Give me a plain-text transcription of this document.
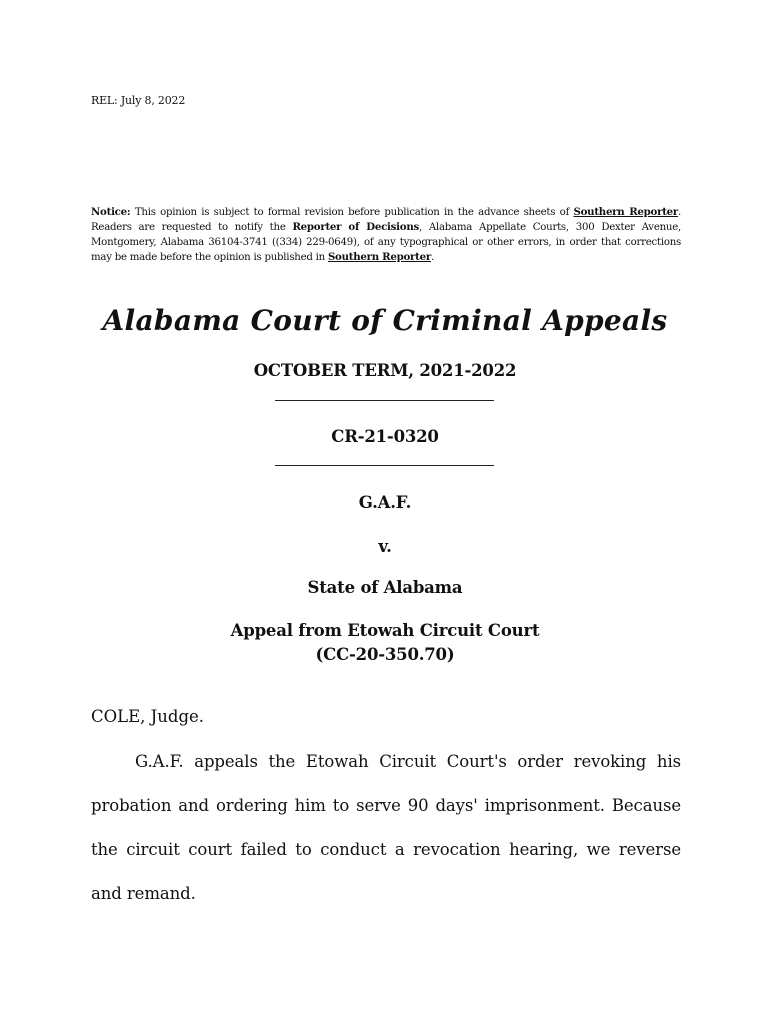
REL: July 8, 2022
Notice: This opinion is subject to formal revision before publication in the advance sheets of Southern Reporter. Readers are requested to notify the Reporter of Decisions, Alabama Appellate Courts, 300 Dexter Avenue, Montgomery, Alabama 36104-3741 ((334) 229-0649), of any typographical or other errors, in order that corrections may be made before the opinion is published in Southern Reporter.
Alabama Court of Criminal Appeals
OCTOBER TERM, 2021-2022
CR-21-0320
G.A.F.
v.
State of Alabama
Appeal from Etowah Circuit Court
(CC-20-350.70)
COLE, Judge.
G.A.F. appeals the Etowah Circuit Court's order revoking his probation and ordering him to serve 90 days' imprisonment. Because the circuit court failed to conduct a revocation hearing, we reverse and remand.
